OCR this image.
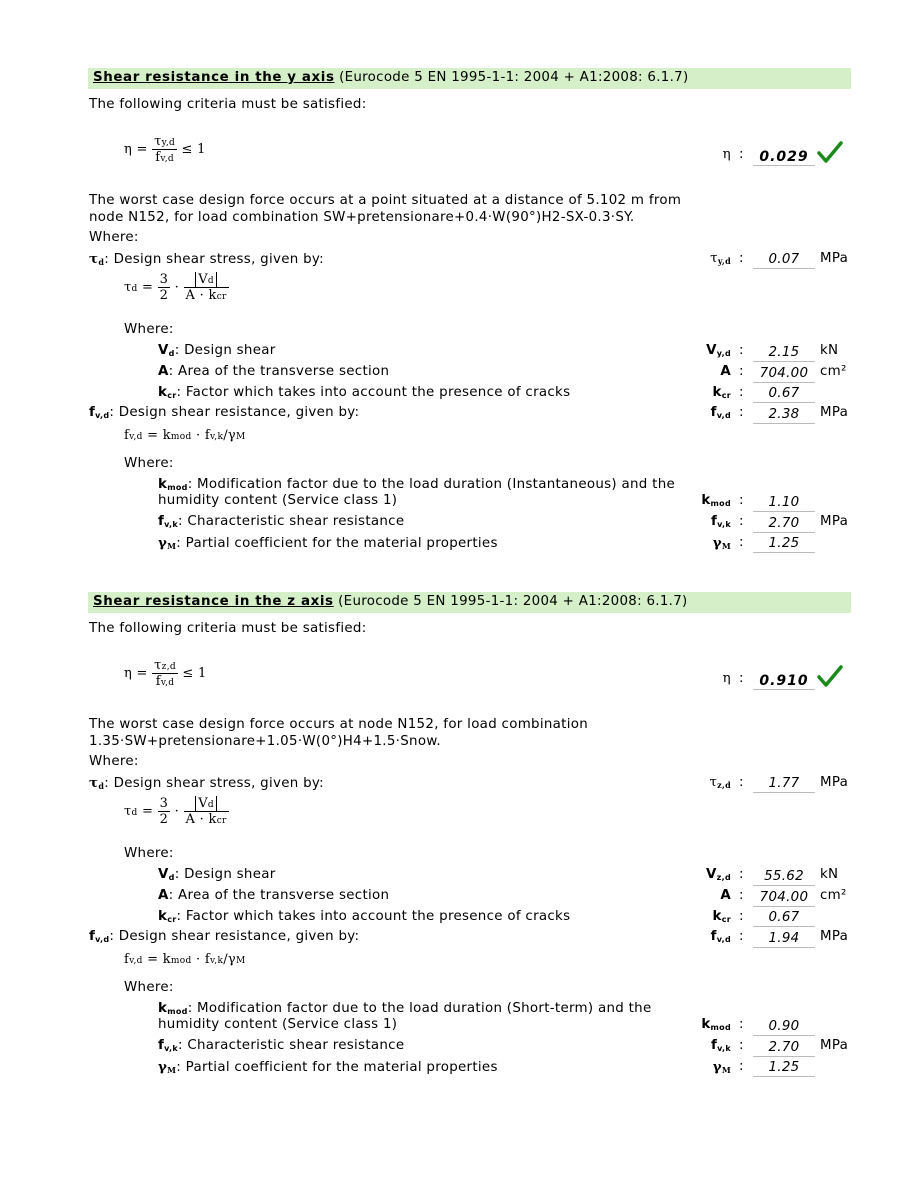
Shear resistance in the y axis (Eurocode 5 EN 1995-1-1: 2004 + A1:2008: 6.1.7)
The following criteria must be satisfied:
$\eta = \frac{\tau y,d}{fv,d} \le 1$	η :	0.029
The worst case design force occurs at a point situated at a distance of 5.102 m from
node N152, for load combination SW+pretensionare+0.4·W(90°)H2-SX-0.3·SY.
Where:
$\tau_d$: Design shear stress, given by:	$\tau_{y,d}$ :	0.07	MPa
$\tau d = \frac{3}{2} \cdot \frac{Vd}{\text{A · kcr}}$
Where:
$V_d$: Design shear	$V_{y,d}$ :	2.15	kN
A: Area of the transverse section	A :	704.00 cm²
$k_{cr}$: Factor which takes into account the presence of cracks	$k_{cr}$ :	0.67
$f_{v,d}$: Design shear resistance, given by:	$f_{v,d}$ :	2.38	MPa
fv,d = kmod · fv,k/γM
Where:
$k_{mod}$: Modification factor due to the load duration (Instantaneous) and the
humidity content (Service class 1)	$k_{mod}$ :	1.10
$f_{v,k}$: Characteristic shear resistance	$f_{v,k}$ :	2.70	MPa
$\gamma_M$: Partial coefficient for the material properties	$\gamma_M$ :	1.25
Shear resistance in the z axis (Eurocode 5 EN 1995-1-1: 2004 + A1:2008: 6.1.7)
The following criteria must be satisfied:
$\eta = \frac{\tau z,d}{fv,d} \le 1$	η :	0.910
The worst case design force occurs at node N152, for load combination
1.35·SW+pretensionare+1.05·W(0°)H4+1.5·Snow.
Where:
$\tau_d$: Design shear stress, given by:	$\tau_{z,d}$ :	1.77	MPa
$\tau d = \frac{3}{2} \cdot \frac{Vd}{\text{A · kcr}}$
Where:
$V_d$: Design shear	$V_{z,d}$ :	55.62	kN
A: Area of the transverse section	A :	704.00 cm²
$k_{cr}$: Factor which takes into account the presence of cracks	$k_{cr}$ :	0.67
$f_{v,d}$: Design shear resistance, given by:	$f_{v,d}$ :	1.94	MPa
fv,d = kmod · fv,k/γM
Where:
$k_{mod}$: Modification factor due to the load duration (Short-term) and the
humidity content (Service class 1)	$k_{mod}$ :	0.90
$f_{v,k}$: Characteristic shear resistance	$f_{v,k}$ :	2.70	MPa
$\gamma_M$: Partial coefficient for the material properties	$\gamma_M$ :	1.25
